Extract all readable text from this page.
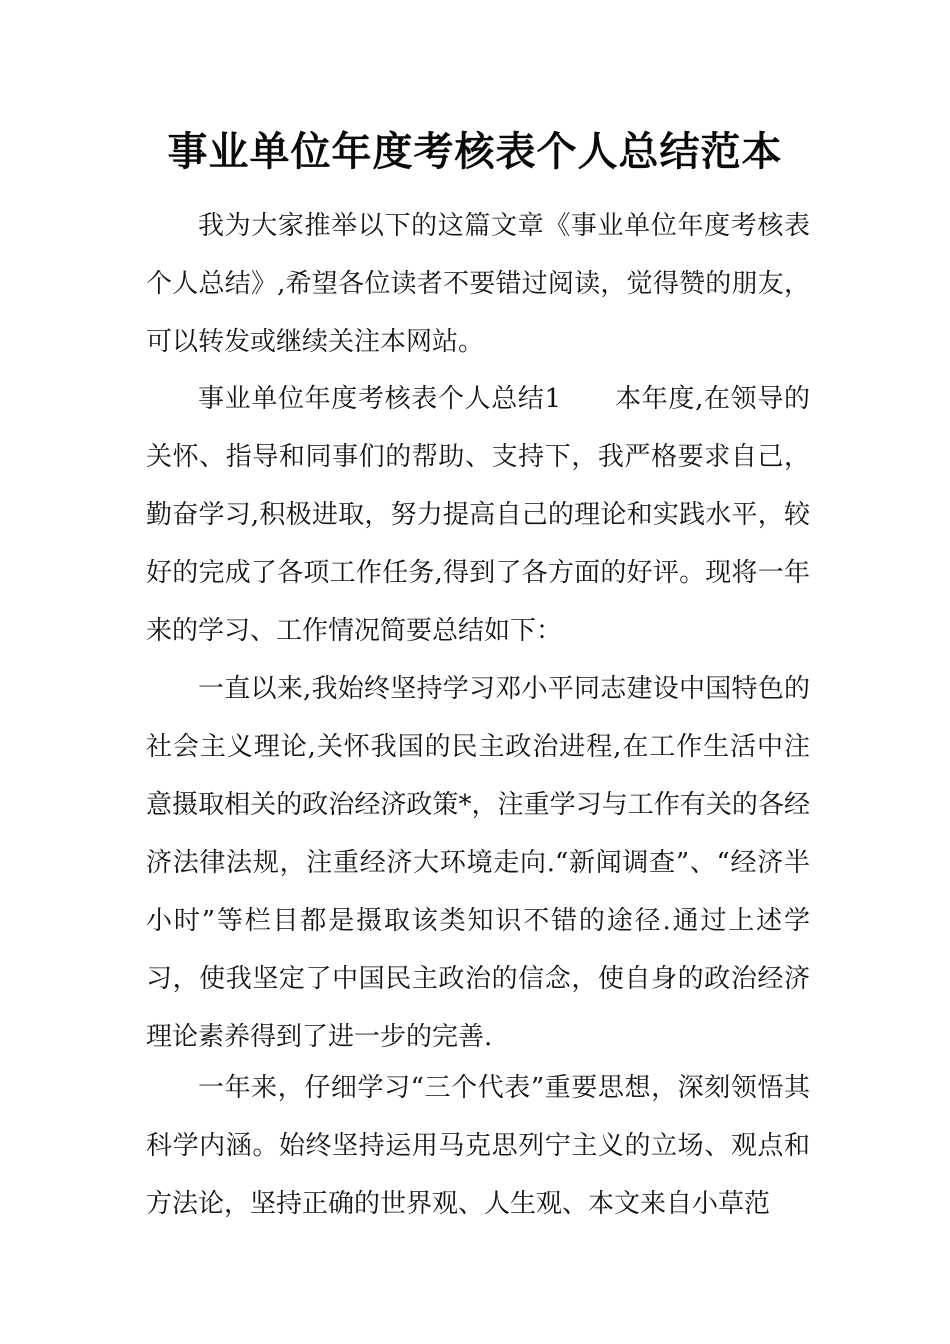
事业单位年度考核表个人总结范本

我为大家推举以下的这篇文章《事业单位年度考核表个人总结》,希望各位读者不要错过阅读，觉得赞的朋友，可以转发或继续关注本网站。

事业单位年度考核表个人总结1　　本年度,在领导的关怀、指导和同事们的帮助、支持下，我严格要求自己，勤奋学习,积极进取，努力提高自己的理论和实践水平，较好的完成了各项工作任务,得到了各方面的好评。现将一年来的学习、工作情况简要总结如下：

一直以来,我始终坚持学习邓小平同志建设中国特色的社会主义理论,关怀我国的民主政治进程,在工作生活中注意摄取相关的政治经济政策*，注重学习与工作有关的各经济法律法规，注重经济大环境走向.“新闻调查”、“经济半小时”等栏目都是摄取该类知识不错的途径.通过上述学习，使我坚定了中国民主政治的信念，使自身的政治经济理论素养得到了进一步的完善.

一年来，仔细学习“三个代表”重要思想，深刻领悟其科学内涵。始终坚持运用马克思列宁主义的立场、观点和方法论，坚持正确的世界观、人生观、本文来自小草范
